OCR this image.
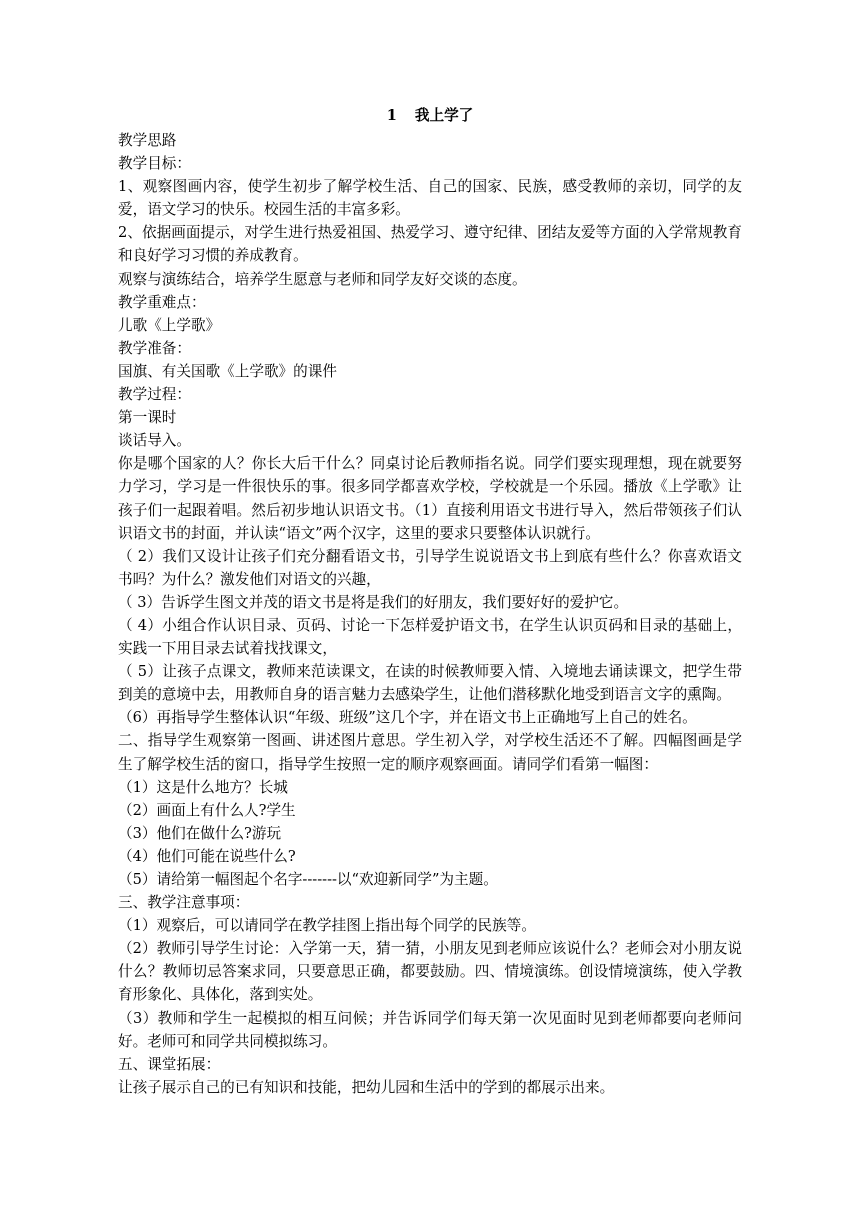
1 我上学了

教学思路

教学目标：

1、观察图画内容，使学生初步了解学校生活、自己的国家、民族，感受教师的亲切，同学的友爱，语文学习的快乐。校园生活的丰富多彩。

2、依据画面提示，对学生进行热爱祖国、热爱学习、遵守纪律、团结友爱等方面的入学常规教育和良好学习习惯的养成教育。

观察与演练结合，培养学生愿意与老师和同学友好交谈的态度。

教学重难点：

儿歌《上学歌》

教学准备：

国旗、有关国歌《上学歌》的课件

教学过程：

第一课时

谈话导入。

你是哪个国家的人？你长大后干什么？同桌讨论后教师指名说。同学们要实现理想，现在就要努力学习，学习是一件很快乐的事。很多同学都喜欢学校，学校就是一个乐园。播放《上学歌》让孩子们一起跟着唱。然后初步地认识语文书。（1）直接利用语文书进行导入，然后带领孩子们认识语文书的封面，并认读“语文”两个汉字，这里的要求只要整体认识就行。

（ 2）我们又设计让孩子们充分翻看语文书，引导学生说说语文书上到底有些什么？你喜欢语文书吗？为什么？激发他们对语文的兴趣，

（ 3）告诉学生图文并茂的语文书是将是我们的好朋友，我们要好好的爱护它。

（ 4）小组合作认识目录、页码、讨论一下怎样爱护语文书，在学生认识页码和目录的基础上，实践一下用目录去试着找找课文，

（ 5）让孩子点课文，教师来范读课文，在读的时候教师要入情、入境地去诵读课文，把学生带到美的意境中去，用教师自身的语言魅力去感染学生，让他们潜移默化地受到语言文字的熏陶。

（6）再指导学生整体认识“年级、班级”这几个字，并在语文书上正确地写上自己的姓名。

二、指导学生观察第一图画、讲述图片意思。学生初入学，对学校生活还不了解。四幅图画是学生了解学校生活的窗口，指导学生按照一定的顺序观察画面。请同学们看第一幅图：

（1）这是什么地方？长城

（2）画面上有什么人?学生

（3）他们在做什么?游玩

（4）他们可能在说些什么?

（5）请给第一幅图起个名字-------以“欢迎新同学”为主题。

三、教学注意事项：

（1）观察后，可以请同学在教学挂图上指出每个同学的民族等。

（2）教师引导学生讨论：入学第一天，猜一猜，小朋友见到老师应该说什么？老师会对小朋友说什么？教师切忌答案求同，只要意思正确，都要鼓励。四、情境演练。创设情境演练，使入学教育形象化、具体化，落到实处。

（3）教师和学生一起模拟的相互问候；并告诉同学们每天第一次见面时见到老师都要向老师问好。老师可和同学共同模拟练习。

五、课堂拓展：

让孩子展示自己的已有知识和技能，把幼儿园和生活中的学到的都展示出来。
